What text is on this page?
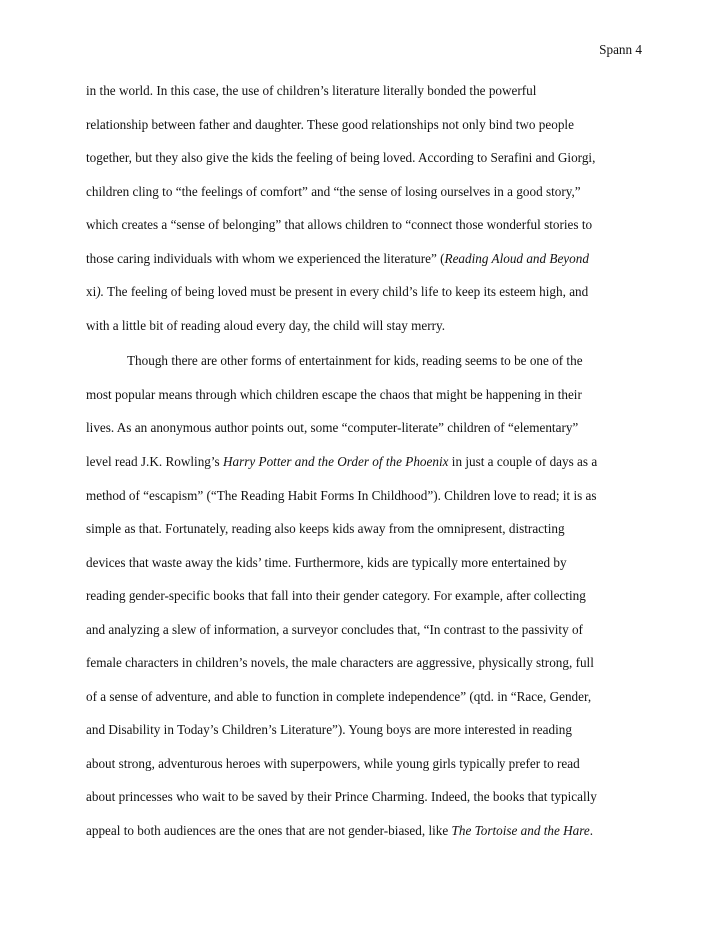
Spann 4
in the world. In this case, the use of children’s literature literally bonded the powerful
relationship between father and daughter. These good relationships not only bind two people
together, but they also give the kids the feeling of being loved. According to Serafini and Giorgi,
children cling to “the feelings of comfort” and “the sense of losing ourselves in a good story,”
which creates a “sense of belonging” that allows children to “connect those wonderful stories to
those caring individuals with whom we experienced the literature” (Reading Aloud and Beyond
xi). The feeling of being loved must be present in every child’s life to keep its esteem high, and
with a little bit of reading aloud every day, the child will stay merry.
Though there are other forms of entertainment for kids, reading seems to be one of the
most popular means through which children escape the chaos that might be happening in their
lives. As an anonymous author points out, some “computer-literate” children of “elementary”
level read J.K. Rowling’s Harry Potter and the Order of the Phoenix in just a couple of days as a
method of “escapism” (“The Reading Habit Forms In Childhood”). Children love to read; it is as
simple as that. Fortunately, reading also keeps kids away from the omnipresent, distracting
devices that waste away the kids’ time. Furthermore, kids are typically more entertained by
reading gender-specific books that fall into their gender category. For example, after collecting
and analyzing a slew of information, a surveyor concludes that, “In contrast to the passivity of
female characters in children’s novels, the male characters are aggressive, physically strong, full
of a sense of adventure, and able to function in complete independence” (qtd. in “Race, Gender,
and Disability in Today’s Children’s Literature”). Young boys are more interested in reading
about strong, adventurous heroes with superpowers, while young girls typically prefer to read
about princesses who wait to be saved by their Prince Charming. Indeed, the books that typically
appeal to both audiences are the ones that are not gender-biased, like The Tortoise and the Hare.
